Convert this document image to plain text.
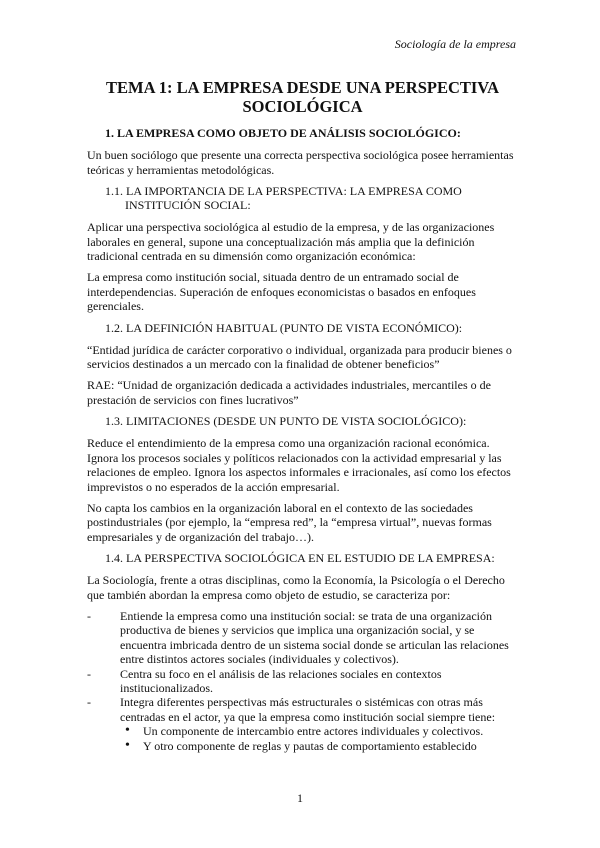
Sociología de la empresa
TEMA 1: LA EMPRESA DESDE UNA PERSPECTIVA SOCIOLÓGICA
1. LA EMPRESA COMO OBJETO DE ANÁLISIS SOCIOLÓGICO:

Un buen sociólogo que presente una correcta perspectiva sociológica posee herramientas teóricas y herramientas metodológicas.

1.1. LA IMPORTANCIA DE LA PERSPECTIVA: LA EMPRESA COMO
INSTITUCIÓN SOCIAL:

Aplicar una perspectiva sociológica al estudio de la empresa, y de las organizaciones laborales en general, supone una conceptualización más amplia que la definición tradicional centrada en su dimensión como organización económica:

La empresa como institución social, situada dentro de un entramado social de interdependencias. Superación de enfoques economicistas o basados en enfoques gerenciales.

1.2. LA DEFINICIÓN HABITUAL (PUNTO DE VISTA ECONÓMICO):

“Entidad jurídica de carácter corporativo o individual, organizada para producir bienes o servicios destinados a un mercado con la finalidad de obtener beneficios”

RAE: “Unidad de organización dedicada a actividades industriales, mercantiles o de prestación de servicios con fines lucrativos”

1.3. LIMITACIONES (DESDE UN PUNTO DE VISTA SOCIOLÓGICO):

Reduce el entendimiento de la empresa como una organización racional económica. Ignora los procesos sociales y políticos relacionados con la actividad empresarial y las relaciones de empleo. Ignora los aspectos informales e irracionales, así como los efectos imprevistos o no esperados de la acción empresarial.

No capta los cambios en la organización laboral en el contexto de las sociedades postindustriales (por ejemplo, la “empresa red”, la “empresa virtual”, nuevas formas empresariales y de organización del trabajo…).

1.4. LA PERSPECTIVA SOCIOLÓGICA EN EL ESTUDIO DE LA EMPRESA:

La Sociología, frente a otras disciplinas, como la Economía, la Psicología o el Derecho que también abordan la empresa como objeto de estudio, se caracteriza por:

- Entiende la empresa como una institución social: se trata de una organización productiva de bienes y servicios que implica una organización social, y se encuentra imbricada dentro de un sistema social donde se articulan las relaciones entre distintos actores sociales (individuales y colectivos).
- Centra su foco en el análisis de las relaciones sociales en contextos institucionalizados.
- Integra diferentes perspectivas más estructurales o sistémicas con otras más centradas en el actor, ya que la empresa como institución social siempre tiene:
• Un componente de intercambio entre actores individuales y colectivos.
• Y otro componente de reglas y pautas de comportamiento establecido
1
